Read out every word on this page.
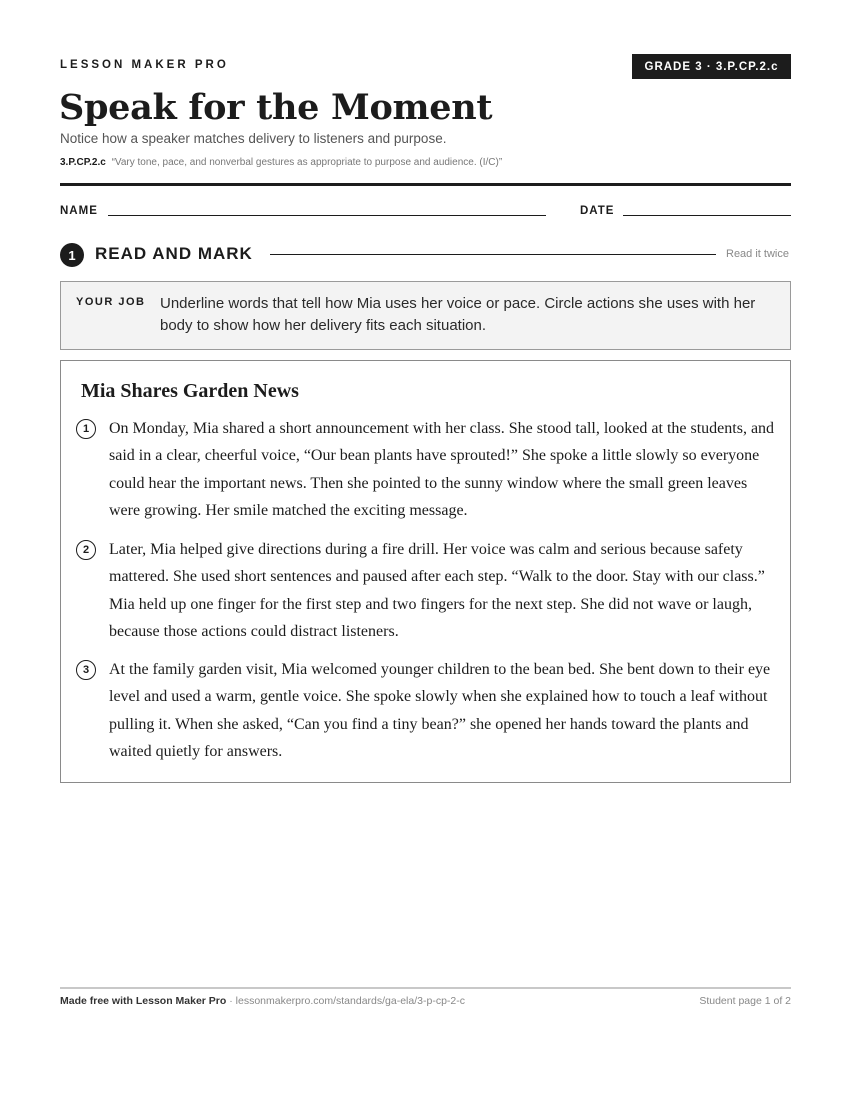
LESSON MAKER PRO	GRADE 3 · 3.P.CP.2.c
Speak for the Moment
Notice how a speaker matches delivery to listeners and purpose.
3.P.CP.2.c “Vary tone, pace, and nonverbal gestures as appropriate to purpose and audience. (I/C)”
NAME	DATE
1	READ AND MARK	Read it twice
YOUR JOB Underline words that tell how Mia uses her voice or pace. Circle actions she uses with her body to show how her delivery fits each situation.
Mia Shares Garden News
1	On Monday, Mia shared a short announcement with her class. She stood tall, looked at the students, and said in a clear, cheerful voice, “Our bean plants have sprouted!” She spoke a little slowly so everyone could hear the important news. Then she pointed to the sunny window where the small green leaves were growing. Her smile matched the exciting message.
2	Later, Mia helped give directions during a fire drill. Her voice was calm and serious because safety mattered. She used short sentences and paused after each step. “Walk to the door. Stay with our class.” Mia held up one finger for the first step and two fingers for the next step. She did not wave or laugh, because those actions could distract listeners.
3	At the family garden visit, Mia welcomed younger children to the bean bed. She bent down to their eye level and used a warm, gentle voice. She spoke slowly when she explained how to touch a leaf without pulling it. When she asked, “Can you find a tiny bean?” she opened her hands toward the plants and waited quietly for answers.
Made free with Lesson Maker Pro · lessonmakerpro.com/standards/ga-ela/3-p-cp-2-c	Student page 1 of 2
